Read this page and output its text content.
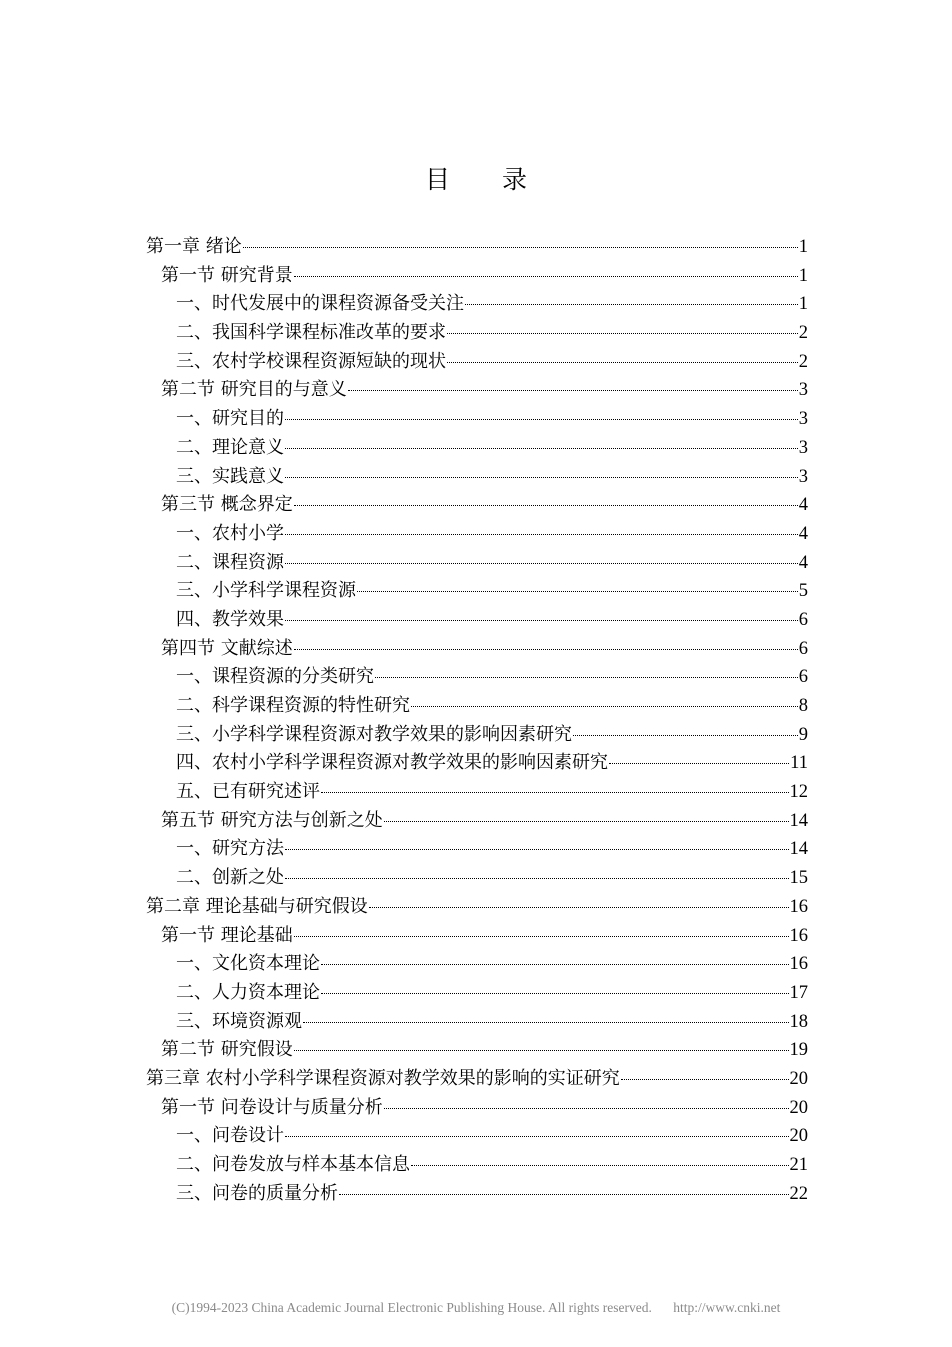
目 录
第一章 绪论	1
第一节 研究背景	1
一、时代发展中的课程资源备受关注	1
二、我国科学课程标准改革的要求	2
三、农村学校课程资源短缺的现状	2
第二节 研究目的与意义	3
一、研究目的	3
二、理论意义	3
三、实践意义	3
第三节 概念界定	4
一、农村小学	4
二、课程资源	4
三、小学科学课程资源	5
四、教学效果	6
第四节 文献综述	6
一、课程资源的分类研究	6
二、科学课程资源的特性研究	8
三、小学科学课程资源对教学效果的影响因素研究	9
四、农村小学科学课程资源对教学效果的影响因素研究	11
五、已有研究述评	12
第五节 研究方法与创新之处	14
一、研究方法	14
二、创新之处	15
第二章 理论基础与研究假设	16
第一节 理论基础	16
一、文化资本理论	16
二、人力资本理论	17
三、环境资源观	18
第二节 研究假设	19
第三章 农村小学科学课程资源对教学效果的影响的实证研究	20
第一节 问卷设计与质量分析	20
一、问卷设计	20
二、问卷发放与样本基本信息	21
三、问卷的质量分析	22
(C)1994-2023 China Academic Journal Electronic Publishing House. All rights reserved. http://www.cnki.net
